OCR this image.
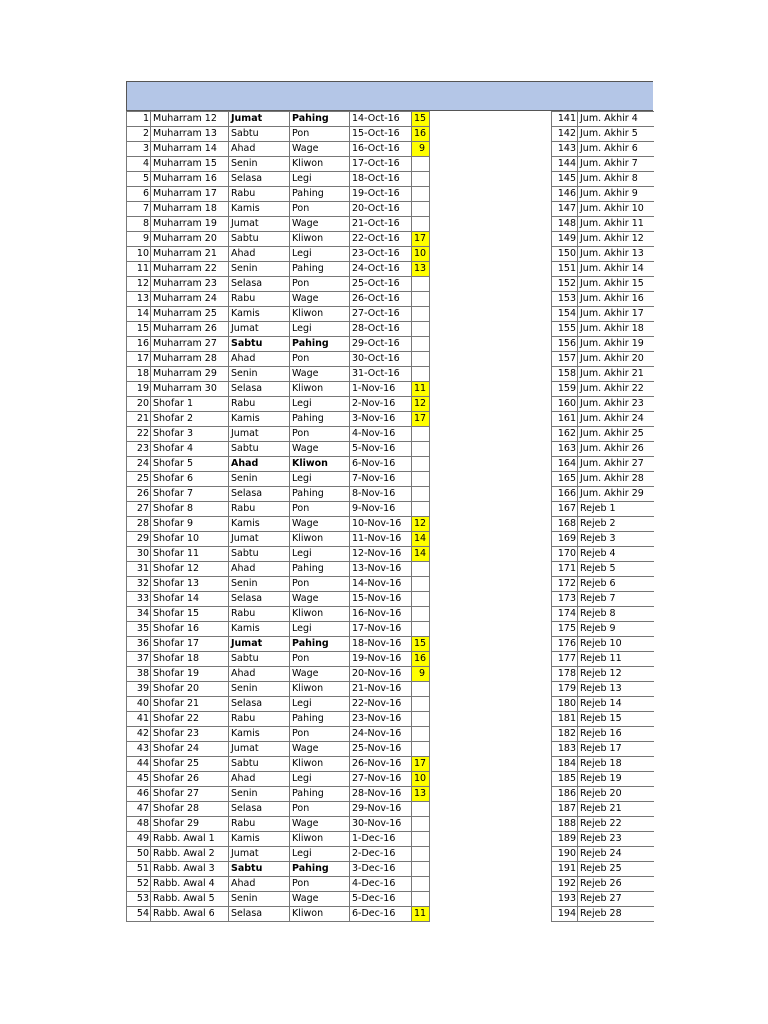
1	Muharram 12	Jumat	Pahing	14-Oct-16	15		141	Jum. Akhir 4
2	Muharram 13	Sabtu	Pon	15-Oct-16	16		142	Jum. Akhir 5
3	Muharram 14	Ahad	Wage	16-Oct-16	9		143	Jum. Akhir 6
4	Muharram 15	Senin	Kliwon	17-Oct-16			144	Jum. Akhir 7
5	Muharram 16	Selasa	Legi	18-Oct-16			145	Jum. Akhir 8
6	Muharram 17	Rabu	Pahing	19-Oct-16			146	Jum. Akhir 9
7	Muharram 18	Kamis	Pon	20-Oct-16			147	Jum. Akhir 10
8	Muharram 19	Jumat	Wage	21-Oct-16			148	Jum. Akhir 11
9	Muharram 20	Sabtu	Kliwon	22-Oct-16	17		149	Jum. Akhir 12
10	Muharram 21	Ahad	Legi	23-Oct-16	10		150	Jum. Akhir 13
11	Muharram 22	Senin	Pahing	24-Oct-16	13		151	Jum. Akhir 14
12	Muharram 23	Selasa	Pon	25-Oct-16			152	Jum. Akhir 15
13	Muharram 24	Rabu	Wage	26-Oct-16			153	Jum. Akhir 16
14	Muharram 25	Kamis	Kliwon	27-Oct-16			154	Jum. Akhir 17
15	Muharram 26	Jumat	Legi	28-Oct-16			155	Jum. Akhir 18
16	Muharram 27	Sabtu	Pahing	29-Oct-16			156	Jum. Akhir 19
17	Muharram 28	Ahad	Pon	30-Oct-16			157	Jum. Akhir 20
18	Muharram 29	Senin	Wage	31-Oct-16			158	Jum. Akhir 21
19	Muharram 30	Selasa	Kliwon	1-Nov-16	11		159	Jum. Akhir 22
20	Shofar 1	Rabu	Legi	2-Nov-16	12		160	Jum. Akhir 23
21	Shofar 2	Kamis	Pahing	3-Nov-16	17		161	Jum. Akhir 24
22	Shofar 3	Jumat	Pon	4-Nov-16			162	Jum. Akhir 25
23	Shofar 4	Sabtu	Wage	5-Nov-16			163	Jum. Akhir 26
24	Shofar 5	Ahad	Kliwon	6-Nov-16			164	Jum. Akhir 27
25	Shofar 6	Senin	Legi	7-Nov-16			165	Jum. Akhir 28
26	Shofar 7	Selasa	Pahing	8-Nov-16			166	Jum. Akhir 29
27	Shofar 8	Rabu	Pon	9-Nov-16			167	Rejeb 1
28	Shofar 9	Kamis	Wage	10-Nov-16	12		168	Rejeb 2
29	Shofar 10	Jumat	Kliwon	11-Nov-16	14		169	Rejeb 3
30	Shofar 11	Sabtu	Legi	12-Nov-16	14		170	Rejeb 4
31	Shofar 12	Ahad	Pahing	13-Nov-16			171	Rejeb 5
32	Shofar 13	Senin	Pon	14-Nov-16			172	Rejeb 6
33	Shofar 14	Selasa	Wage	15-Nov-16			173	Rejeb 7
34	Shofar 15	Rabu	Kliwon	16-Nov-16			174	Rejeb 8
35	Shofar 16	Kamis	Legi	17-Nov-16			175	Rejeb 9
36	Shofar 17	Jumat	Pahing	18-Nov-16	15		176	Rejeb 10
37	Shofar 18	Sabtu	Pon	19-Nov-16	16		177	Rejeb 11
38	Shofar 19	Ahad	Wage	20-Nov-16	9		178	Rejeb 12
39	Shofar 20	Senin	Kliwon	21-Nov-16			179	Rejeb 13
40	Shofar 21	Selasa	Legi	22-Nov-16			180	Rejeb 14
41	Shofar 22	Rabu	Pahing	23-Nov-16			181	Rejeb 15
42	Shofar 23	Kamis	Pon	24-Nov-16			182	Rejeb 16
43	Shofar 24	Jumat	Wage	25-Nov-16			183	Rejeb 17
44	Shofar 25	Sabtu	Kliwon	26-Nov-16	17		184	Rejeb 18
45	Shofar 26	Ahad	Legi	27-Nov-16	10		185	Rejeb 19
46	Shofar 27	Senin	Pahing	28-Nov-16	13		186	Rejeb 20
47	Shofar 28	Selasa	Pon	29-Nov-16			187	Rejeb 21
48	Shofar 29	Rabu	Wage	30-Nov-16			188	Rejeb 22
49	Rabb. Awal 1	Kamis	Kliwon	1-Dec-16			189	Rejeb 23
50	Rabb. Awal 2	Jumat	Legi	2-Dec-16			190	Rejeb 24
51	Rabb. Awal 3	Sabtu	Pahing	3-Dec-16			191	Rejeb 25
52	Rabb. Awal 4	Ahad	Pon	4-Dec-16			192	Rejeb 26
53	Rabb. Awal 5	Senin	Wage	5-Dec-16			193	Rejeb 27
54	Rabb. Awal 6	Selasa	Kliwon	6-Dec-16	11		194	Rejeb 28
